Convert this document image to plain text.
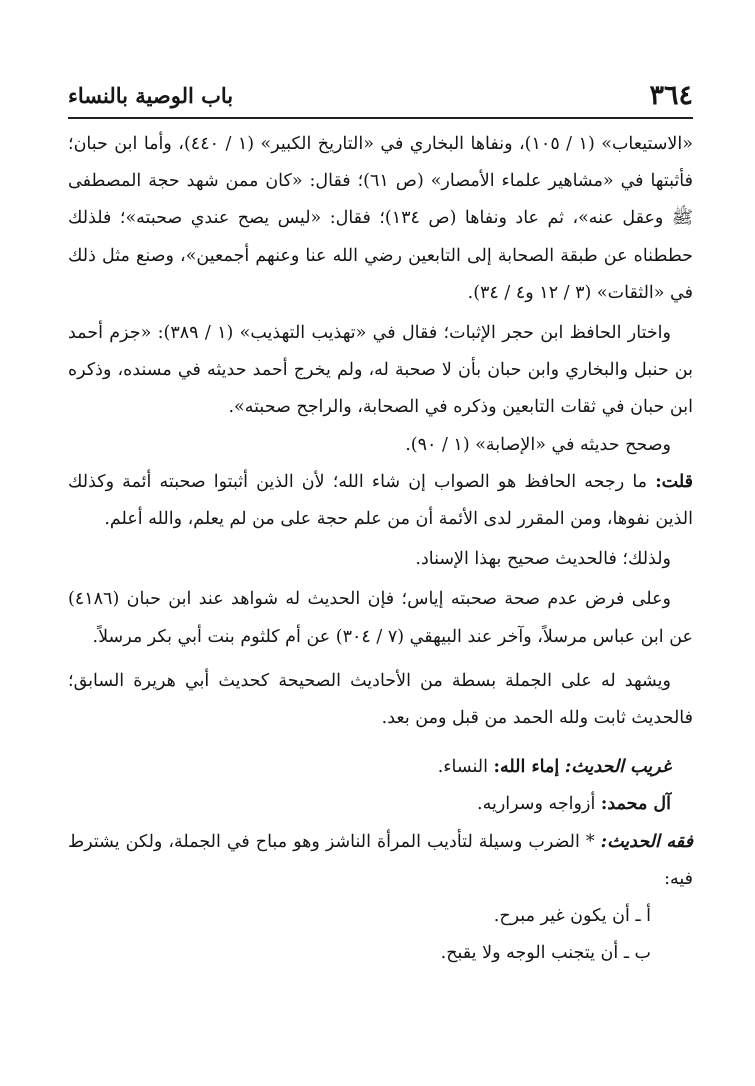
٣٦٤
باب الوصية بالنساء

«الاستيعاب» (١ / ١٠٥)، ونفاها البخاري في «التاريخ الكبير» (١ / ٤٤٠)، وأما ابن حبان؛ فأثبتها في «مشاهير علماء الأمصار» (ص ٦١)؛ فقال: «كان ممن شهد حجة المصطفى ﷺ وعقل عنه»، ثم عاد ونفاها (ص ١٣٤)؛ فقال: «ليس يصح عندي صحبته»؛ فلذلك حططناه عن طبقة الصحابة إلى التابعين رضي الله عنا وعنهم أجمعين»، وصنع مثل ذلك في «الثقات» (٣ / ١٢ و٤ / ٣٤).

واختار الحافظ ابن حجر الإثبات؛ فقال في «تهذيب التهذيب» (١ / ٣٨٩): «جزم أحمد بن حنبل والبخاري وابن حبان بأن لا صحبة له، ولم يخرج أحمد حديثه في مسنده، وذكره ابن حبان في ثقات التابعين وذكره في الصحابة، والراجح صحبته».

وصحح حديثه في «الإصابة» (١ / ٩٠).

قلت: ما رجحه الحافظ هو الصواب إن شاء الله؛ لأن الذين أثبتوا صحبته أئمة وكذلك الذين نفوها، ومن المقرر لدى الأئمة أن من علم حجة على من لم يعلم، والله أعلم.

ولذلك؛ فالحديث صحيح بهذا الإسناد.

وعلى فرض عدم صحة صحبته إياس؛ فإن الحديث له شواهد عند ابن حبان (٤١٨٦) عن ابن عباس مرسلاً، وآخر عند البيهقي (٧ / ٣٠٤) عن أم كلثوم بنت أبي بكر مرسلاً.

ويشهد له على الجملة بسطة من الأحاديث الصحيحة كحديث أبي هريرة السابق؛ فالحديث ثابت ولله الحمد من قبل ومن بعد.

غريب الحديث: إماء الله: النساء.

آل محمد: أزواجه وسراريه.

فقه الحديث: * الضرب وسيلة لتأديب المرأة الناشز وهو مباح في الجملة، ولكن يشترط فيه:

أ ـ أن يكون غير مبرح.

ب ـ أن يتجنب الوجه ولا يقبح.
